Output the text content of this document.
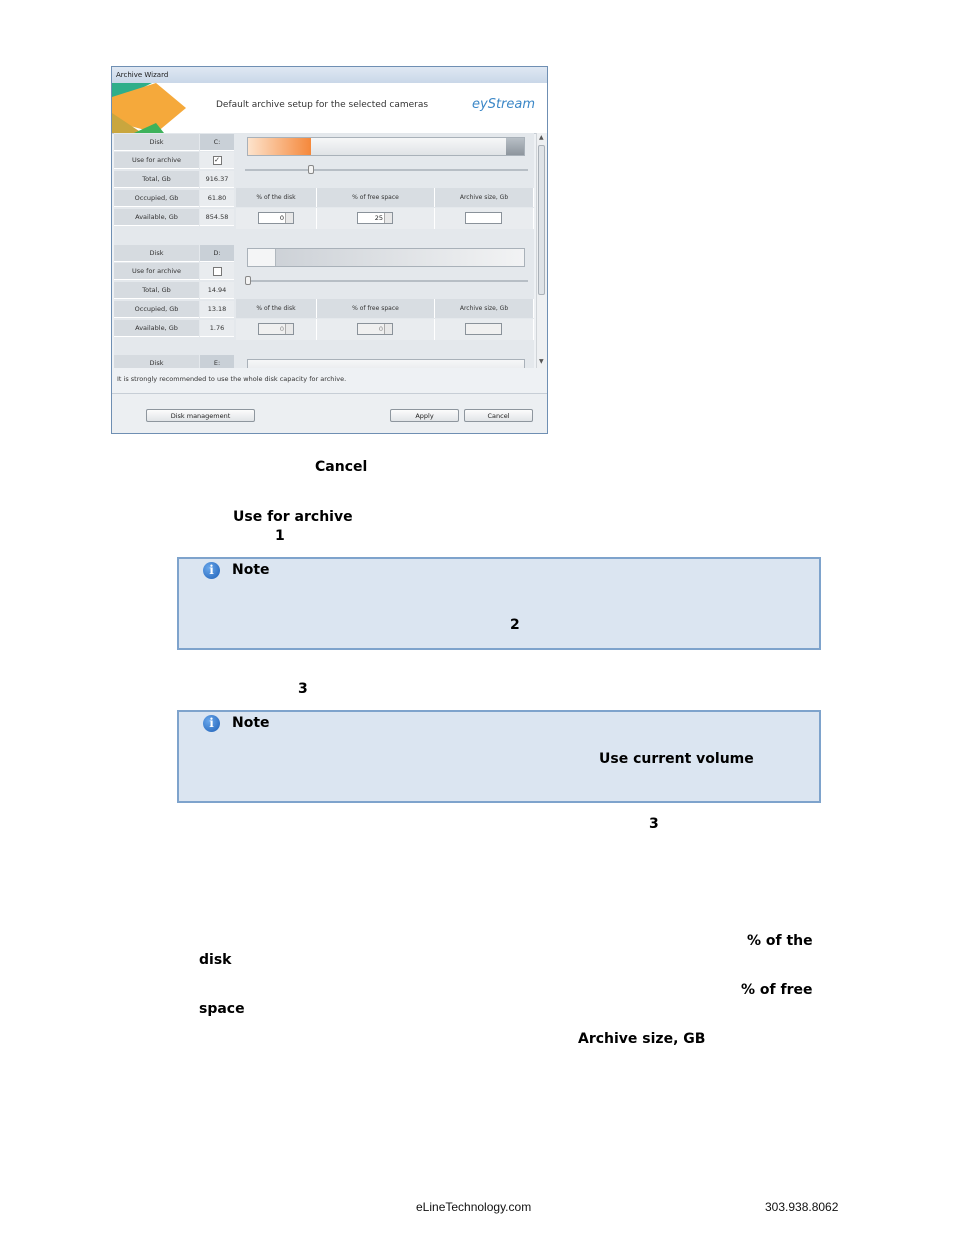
Archive Wizard
Default archive setup for the selected cameras	eyStream
Disk	C:
Use for archive	✓
Total, Gb	916.37
Occupied, Gb	61.80
Available, Gb	854.58
% of the disk	% of free space	Archive size, Gb
0	25
Disk	D:
Use for archive
Total, Gb	14.94
Occupied, Gb	13.18
Available, Gb	1.76
% of the disk	% of free space	Archive size, Gb
0	0
Disk	E:
▲
▼
It is strongly recommended to use the whole disk capacity for archive.
Disk management	Apply	Cancel
Cancel
Use for archive
1
i	Note
2
3
i	Note
Use current volume
3
% of the
disk
% of free
space
Archive size, GB
eLineTechnology.com	303.938.8062
